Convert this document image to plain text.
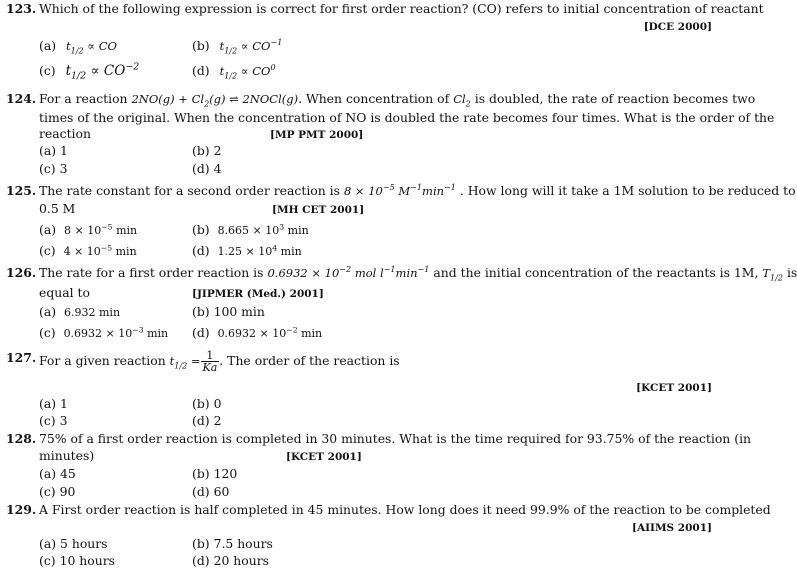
123. Which of the following expression is correct for first order reaction? (CO) refers to initial concentration of reactant
[DCE 2000]
(a) $t_{1/2}$ ∝ CO	(b) $t_{1/2} \propto CO^{-1}$
(c) $t_{1/2} \propto CO^{-2}$	(d) $t_{1/2} \propto CO^0$
124. For a reaction $2NO(g) + Cl_2(g)$ ⇌ 2NOCl(g). When concentration of $Cl_2$ is doubled, the rate of reaction becomes two
times of the original. When the concentration of NO is doubled the rate becomes four times. What is the order of the
reaction	[MP PMT 2000]
(a) 1	(b) 2
(c) 3	(d) 4
125. The rate constant for a second order reaction is $8 \times 10^{-5}$ $M^{-1}\min^{-1}$ . How long will it take a 1M solution to be reduced to
0.5 M	[MH CET 2001]
(a) $8 \times 10^{-5}$ min	(b) $8.665 \times 10^3$ min
(c) $4 \times 10^{-5}$ min	(d) $1.25 \times 10^4$ min
126. The rate for a first order reaction is $0.6932 \times 10^{-2}$ mol $l^{-1}\min^{-1}$ and the initial concentration of the reactants is 1M, $T_{1/2}$ is
equal to	[JIPMER (Med.) 2001]
(a) 6.932 min	(b) 100 min
(c) $0.6932 \times 10^{-3}$ min (d) $0.6932 \times 10^{-2}$ min
127. For a given reaction $t_{1/2} = \frac{1}{Ka}$ . The order of the reaction is
[KCET 2001]
(a) 1	(b) 0
(c) 3	(d) 2
128. 75% of a first order reaction is completed in 30 minutes. What is the time required for 93.75% of the reaction (in
minutes)	[KCET 2001]
(a) 45	(b) 120
(c) 90	(d) 60
129. A First order reaction is half completed in 45 minutes. How long does it need 99.9% of the reaction to be completed
[AIIMS 2001]
(a) 5 hours	(b) 7.5 hours
(c) 10 hours	(d) 20 hours
